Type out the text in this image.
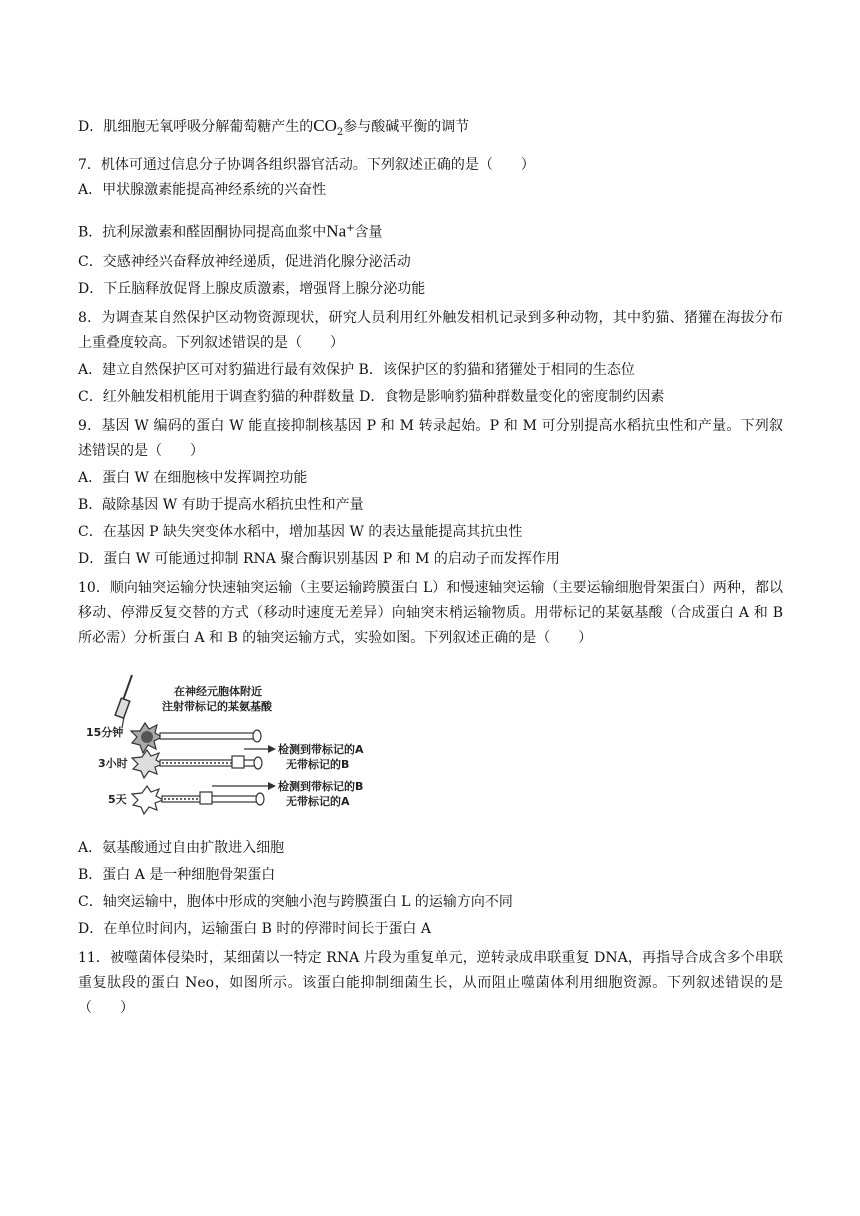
D．肌细胞无氧呼吸分解葡萄糖产生的$CO_2$参与酸碱平衡的调节
7．机体可通过信息分子协调各组织器官活动。下列叙述正确的是（　　）
A．甲状腺激素能提高神经系统的兴奋性
B．抗利尿激素和醛固酮协同提高血浆中Na+含量
C．交感神经兴奋释放神经递质，促进消化腺分泌活动
D．下丘脑释放促肾上腺皮质激素，增强肾上腺分泌功能
8．为调查某自然保护区动物资源现状，研究人员利用红外触发相机记录到多种动物，其中豹猫、猪獾在海拔分布上重叠度较高。下列叙述错误的是（　　）
A．建立自然保护区可对豹猫进行最有效保护 B．该保护区的豹猫和猪獾处于相同的生态位
C．红外触发相机能用于调查豹猫的种群数量 D．食物是影响豹猫种群数量变化的密度制约因素
9．基因 W 编码的蛋白 W 能直接抑制核基因 P 和 M 转录起始。P 和 M 可分别提高水稻抗虫性和产量。下列叙述错误的是（　　）
A．蛋白 W 在细胞核中发挥调控功能
B．敲除基因 W 有助于提高水稻抗虫性和产量
C．在基因 P 缺失突变体水稻中，增加基因 W 的表达量能提高其抗虫性
D．蛋白 W 可能通过抑制 RNA 聚合酶识别基因 P 和 M 的启动子而发挥作用
10．顺向轴突运输分快速轴突运输（主要运输跨膜蛋白 L）和慢速轴突运输（主要运输细胞骨架蛋白）两种，都以移动、停滞反复交替的方式（移动时速度无差异）向轴突末梢运输物质。用带标记的某氨基酸（合成蛋白 A 和 B 所必需）分析蛋白 A 和 B 的轴突运输方式，实验如图。下列叙述正确的是（　　）
在神经元胞体附近
注射带标记的某氨基酸
15分钟
3小时
检测到带标记的A
无带标记的B
5天
检测到带标记的B
无带标记的A
A．氨基酸通过自由扩散进入细胞
B．蛋白 A 是一种细胞骨架蛋白
C．轴突运输中，胞体中形成的突触小泡与跨膜蛋白 L 的运输方向不同
D．在单位时间内，运输蛋白 B 时的停滞时间长于蛋白 A
11．被噬菌体侵染时，某细菌以一特定 RNA 片段为重复单元，逆转录成串联重复 DNA，再指导合成含多个串联重复肽段的蛋白 Neo，如图所示。该蛋白能抑制细菌生长，从而阻止噬菌体利用细胞资源。下列叙述错误的是（　　）
